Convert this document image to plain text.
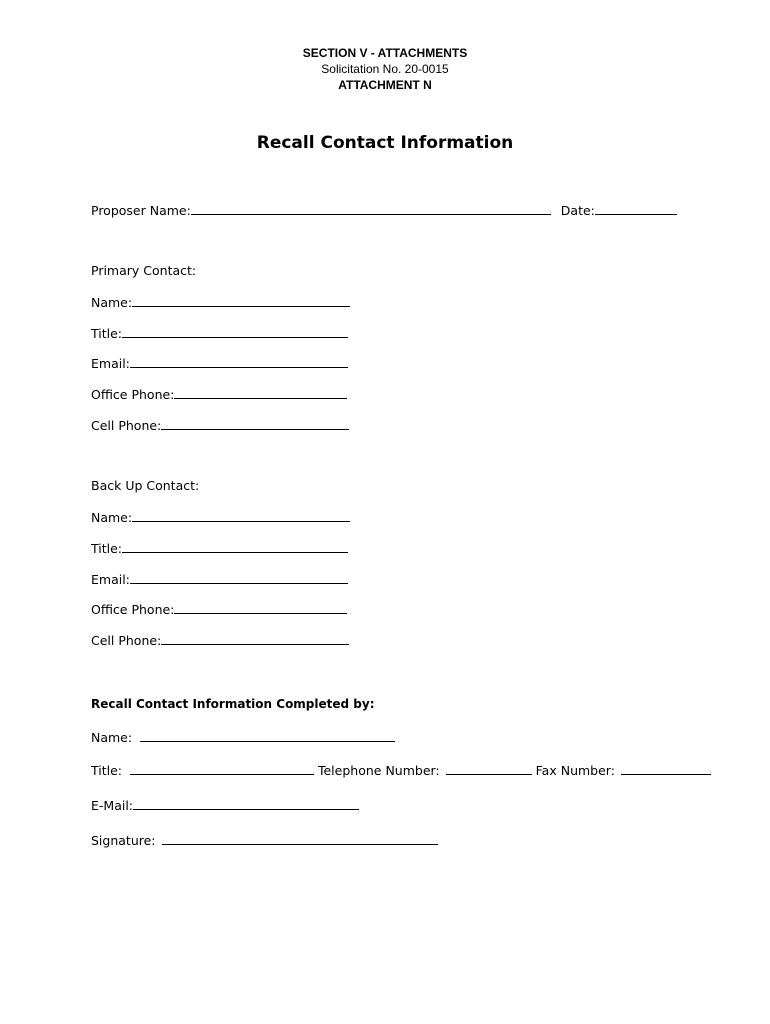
SECTION V - ATTACHMENTS
Solicitation No. 20-0015
ATTACHMENT N
Recall Contact Information
Proposer Name:	Date:
Primary Contact:
Name:
Title:
Email:
Office Phone:
Cell Phone:
Back Up Contact:
Name:
Title:
Email:
Office Phone:
Cell Phone:
Recall Contact Information Completed by:
Name:
Title:	Telephone Number:	Fax Number:
E-Mail:
Signature:
